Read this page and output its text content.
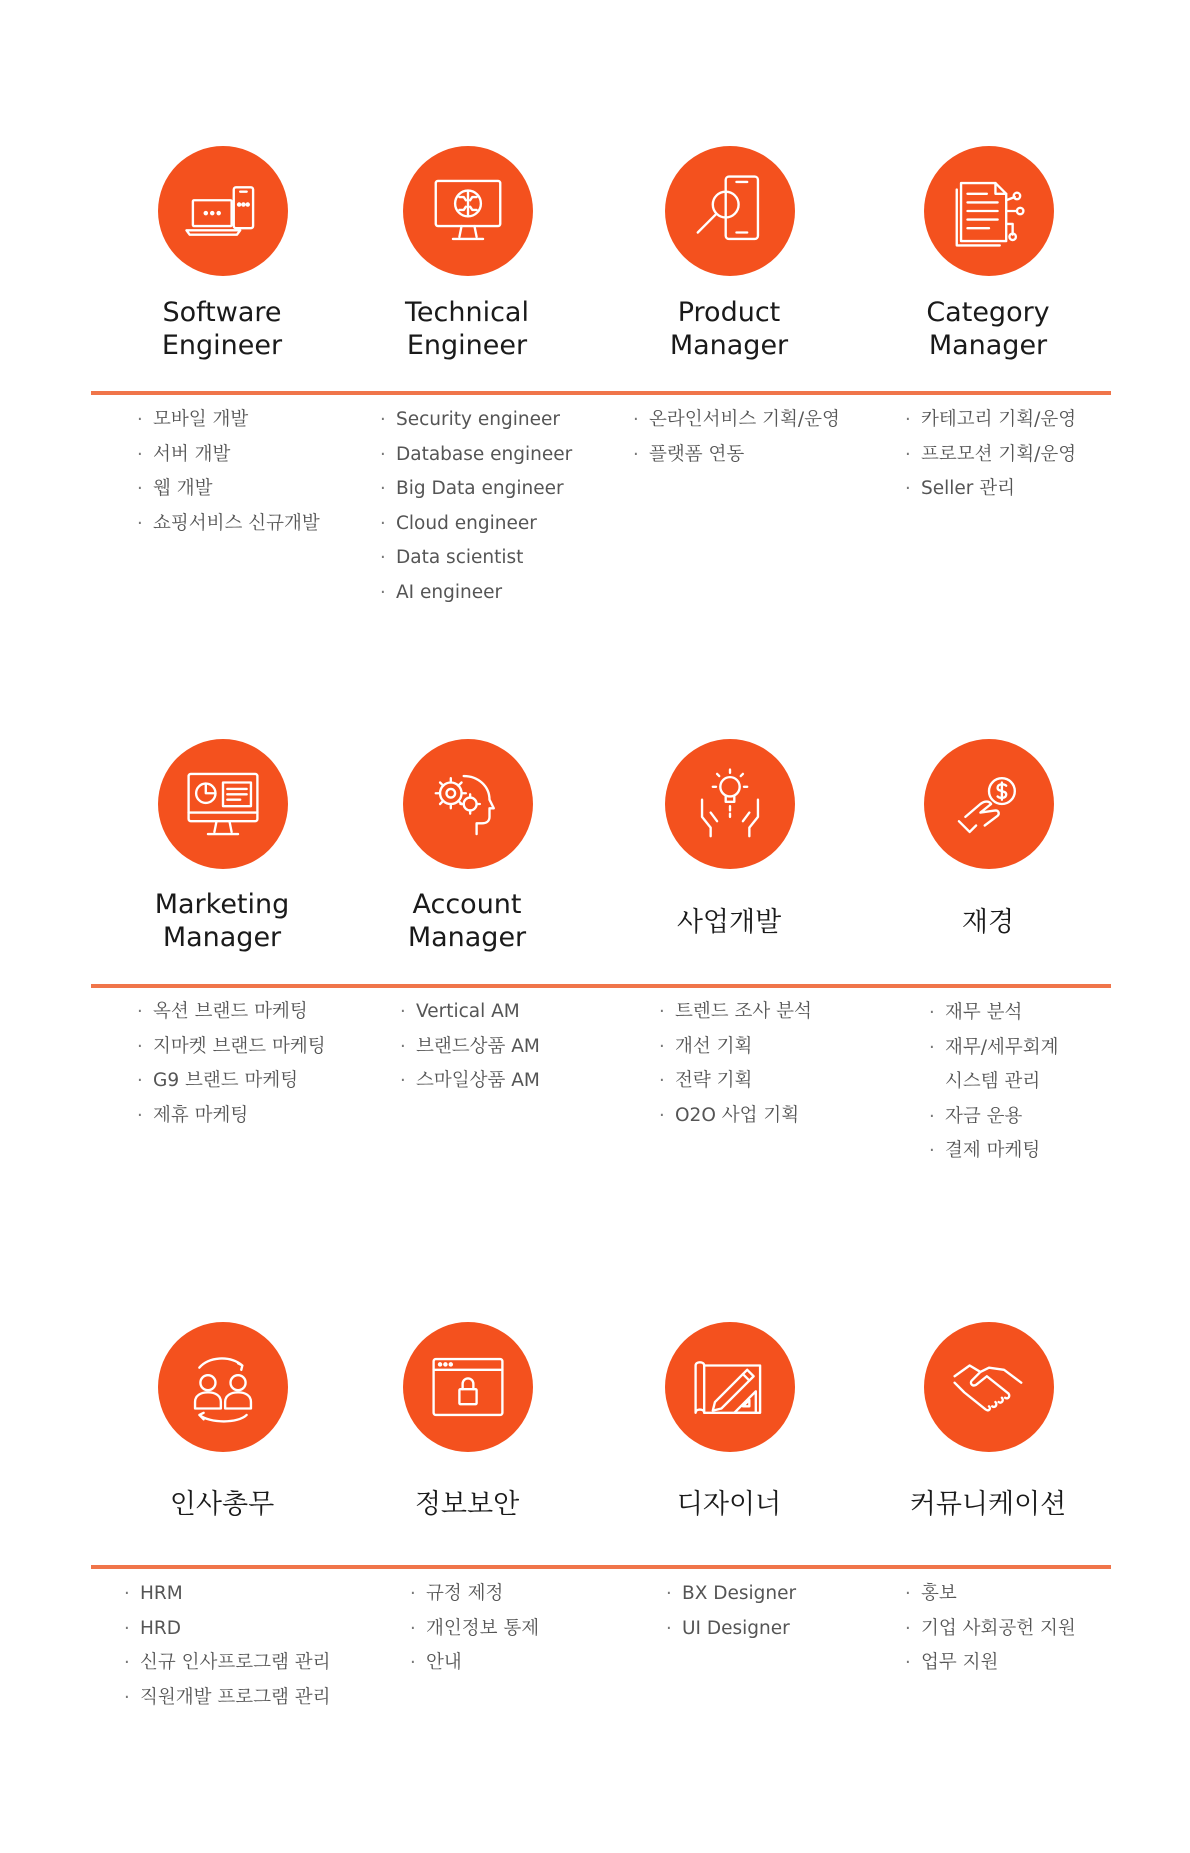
Software
Engineer
Technical
Engineer
Product
Manager
Category
Manager
· 모바일 개발
· 서버 개발
· 웹 개발
· 쇼핑서비스 신규개발
· Security engineer
· Database engineer
· Big Data engineer
· Cloud engineer
· Data scientist
· AI engineer
· 온라인서비스 기획/운영
· 플랫폼 연동
· 카테고리 기획/운영
· 프로모션 기획/운영
· Seller 관리
Marketing
Manager
Account
Manager	사업개발	재경
· 옥션 브랜드 마케팅
· 지마켓 브랜드 마케팅
· G9 브랜드 마케팅
· 제휴 마케팅
· Vertical AM
· 브랜드상품 AM
· 스마일상품 AM
· 트렌드 조사 분석
· 개선 기획
· 전략 기획
· O2O 사업 기획
· 재무 분석
· 재무/세무회계
시스템 관리
· 자금 운용
· 결제 마케팅
인사총무	정보보안	디자이너	커뮤니케이션
· HRM
· HRD
· 신규 인사프로그램 관리
· 직원개발 프로그램 관리
· 규정 제정
· 개인정보 통제
· 안내
· BX Designer
· UI Designer
· 홍보
· 기업 사회공헌 지원
· 업무 지원
